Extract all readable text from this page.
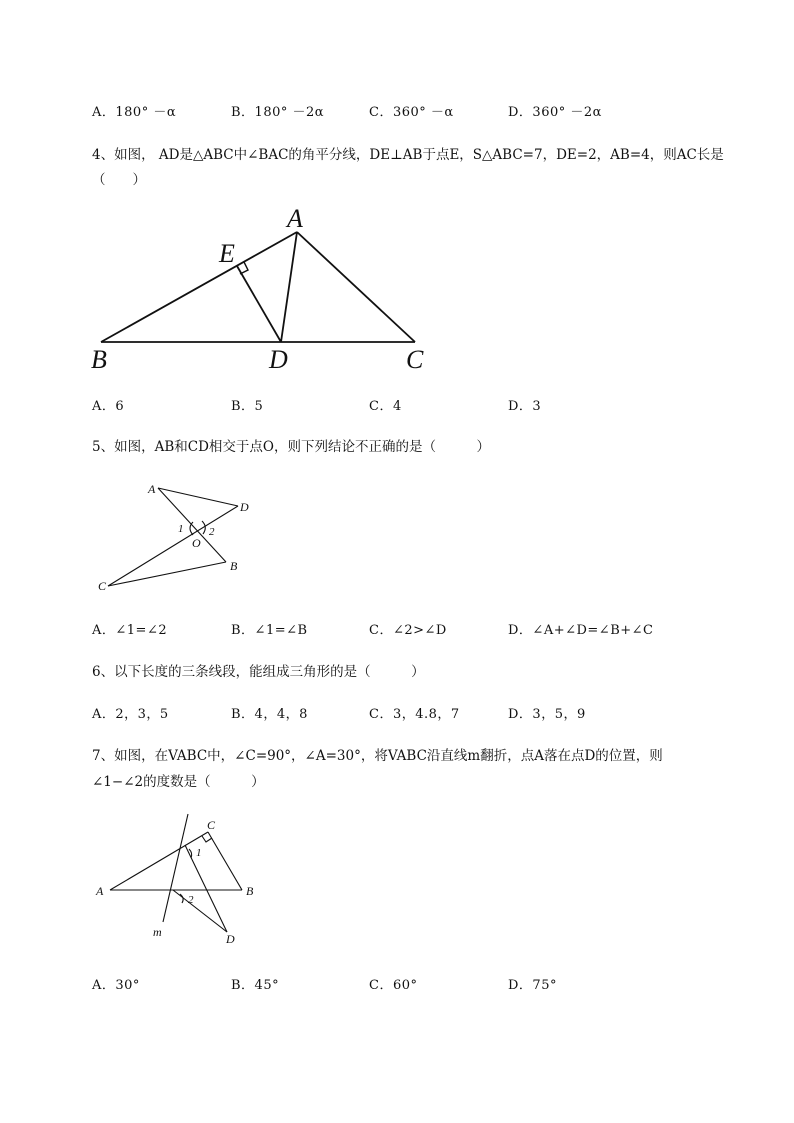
A．180° －α	B．180° －2α	C．360° －α	D．360° －2α
4、如图， AD是△ABC中∠BAC的角平分线，DE⊥AB于点E，S△ABC=7，DE=2，AB=4，则AC长是
（　　）
A
E
B	D	C
A．6	B．5	C．4	D．3
5、如图，AB和CD相交于点O，则下列结论不正确的是（　　　）
A
D
1 2
O
B
C
A．∠1=∠2	B．∠1=∠B	C．∠2>∠D	D．∠A+∠D=∠B+∠C
6、以下长度的三条线段，能组成三角形的是（　　　）
A．2，3，5	B．4，4，8	C．3，4.8，7	D．3，5，9
7、如图，在VABC中，∠C=90°，∠A=30°，将VABC沿直线m翻折，点A落在点D的位置，则
∠1−∠2的度数是（　　　）
C
1
A	B
2
m	D
A．30°	B．45°	C．60°	D．75°
